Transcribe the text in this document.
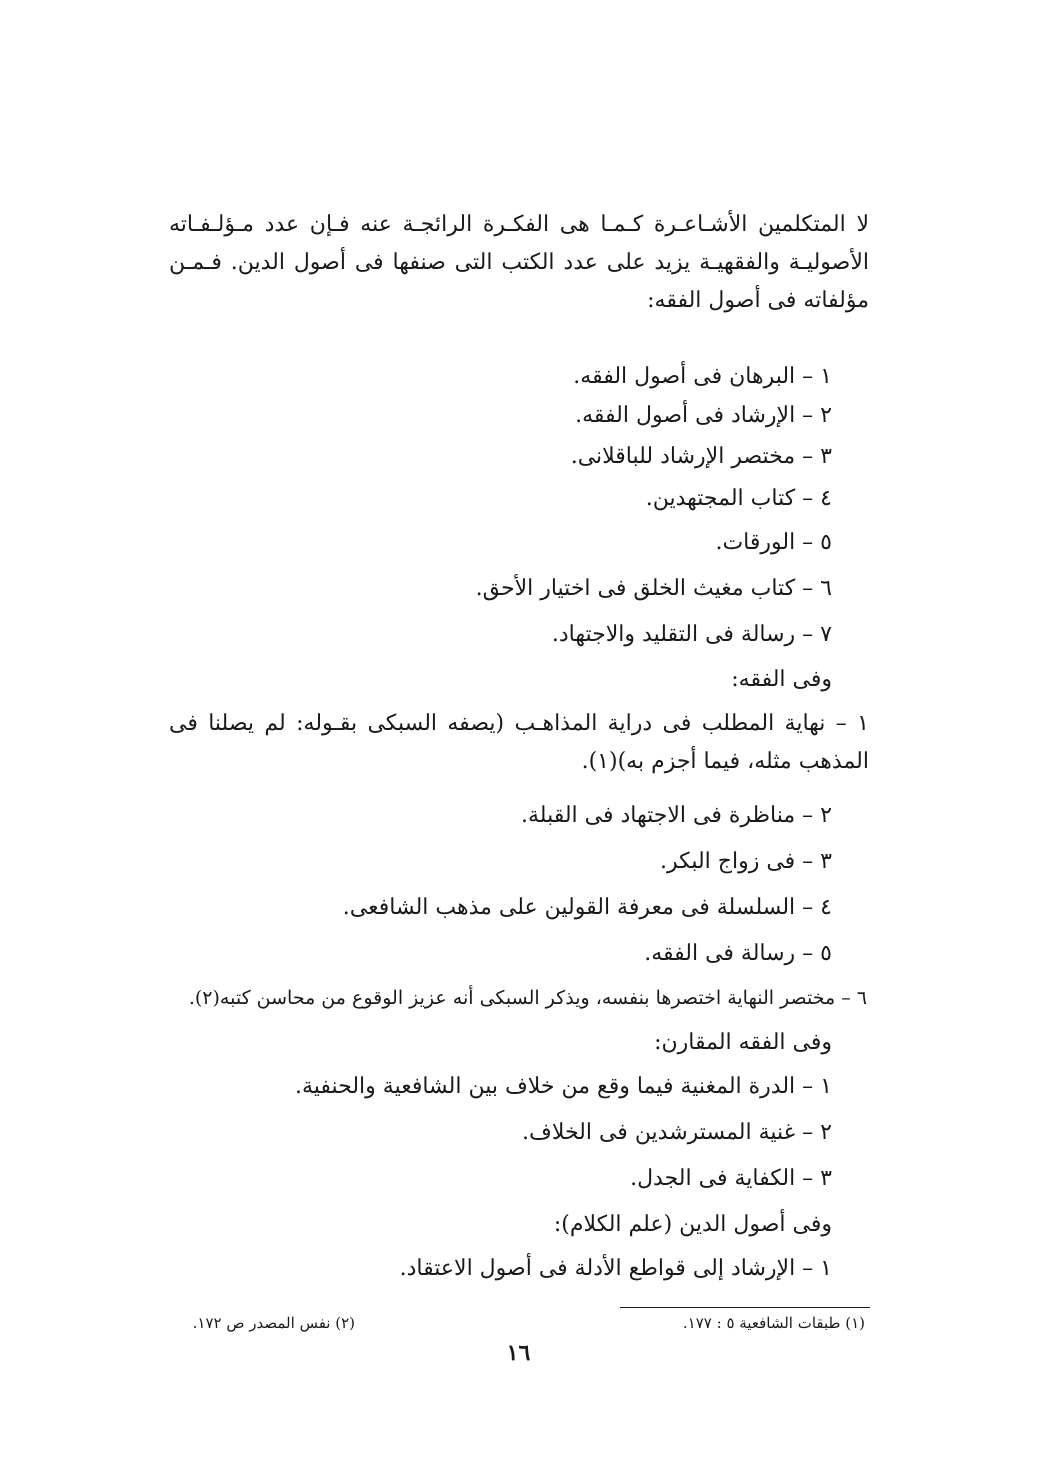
لا المتكلمين الأشـاعـرة كـمـا هى الفكـرة الرائجـة عنه فـإن عدد مـؤلـفـاته الأصوليـة والفقهيـة يزيد على عدد الكتب التى صنفها فى أصول الدين. فـمـن مؤلفاته فى أصول الفقه:

١ – البرهان فى أصول الفقه.
٢ – الإرشاد فى أصول الفقه.
٣ – مختصر الإرشاد للباقلانى.
٤ – كتاب المجتهدين.
٥ – الورقات.
٦ – كتاب مغيث الخلق فى اختيار الأحق.
٧ – رسالة فى التقليد والاجتهاد.
وفى الفقه:
١ – نهاية المطلب فى دراية المذاهـب (يصفه السبكى بقـوله: لم يصلنا فى المذهب مثله، فيما أجزم به)(١).
٢ – مناظرة فى الاجتهاد فى القبلة.
٣ – فى زواج البكر.
٤ – السلسلة فى معرفة القولين على مذهب الشافعى.
٥ – رسالة فى الفقه.
٦ – مختصر النهاية اختصرها بنفسه، ويذكر السبكى أنه عزيز الوقوع من محاسن كتبه(٢).
وفى الفقه المقارن:
١ – الدرة المغنية فيما وقع من خلاف بين الشافعية والحنفية.
٢ – غنية المسترشدين فى الخلاف.
٣ – الكفاية فى الجدل.
وفى أصول الدين (علم الكلام):
١ – الإرشاد إلى قواطع الأدلة فى أصول الاعتقاد.
(١) طبقات الشافعية ٥ : ١٧٧.
(٢) نفس المصدر ص ١٧٢.
١٦
